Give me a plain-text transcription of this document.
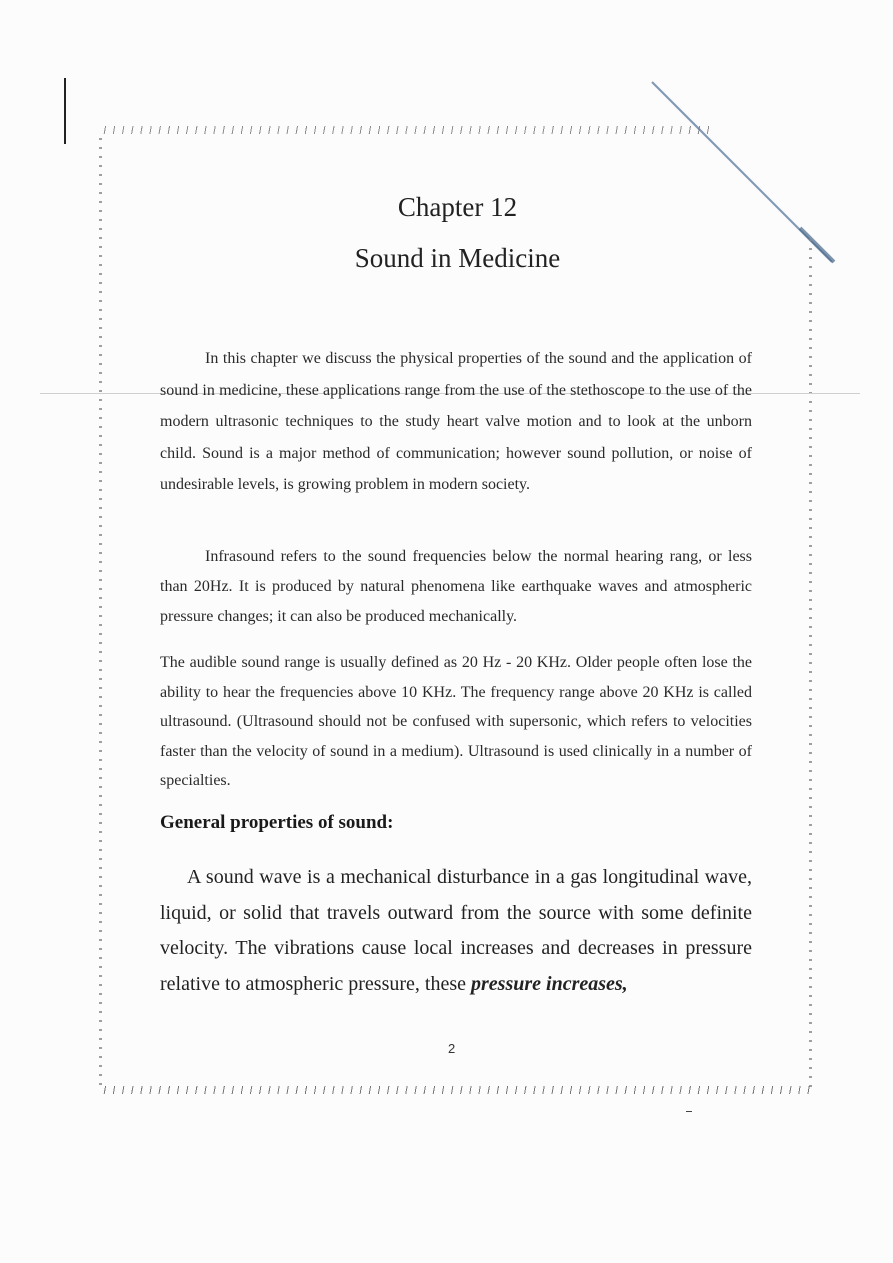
Chapter 12
Sound in Medicine

In this chapter we discuss the physical properties of the sound and the application of sound in medicine, these applications range from the use of the stethoscope to the use of the modern ultrasonic techniques to the study heart valve motion and to look at the unborn child. Sound is a major method of communication; however sound pollution, or noise of undesirable levels, is growing problem in modern society.

Infrasound refers to the sound frequencies below the normal hearing rang, or less than 20Hz. It is produced by natural phenomena like earthquake waves and atmospheric pressure changes; it can also be produced mechanically.

The audible sound range is usually defined as 20 Hz - 20 KHz. Older people often lose the ability to hear the frequencies above 10 KHz. The frequency range above 20 KHz is called ultrasound. (Ultrasound should not be confused with supersonic, which refers to velocities faster than the velocity of sound in a medium). Ultrasound is used clinically in a number of specialties.

General properties of sound:

A sound wave is a mechanical disturbance in a gas longitudinal wave, liquid, or solid that travels outward from the source with some definite velocity. The vibrations cause local increases and decreases in pressure relative to atmospheric pressure, these pressure increases,

2
